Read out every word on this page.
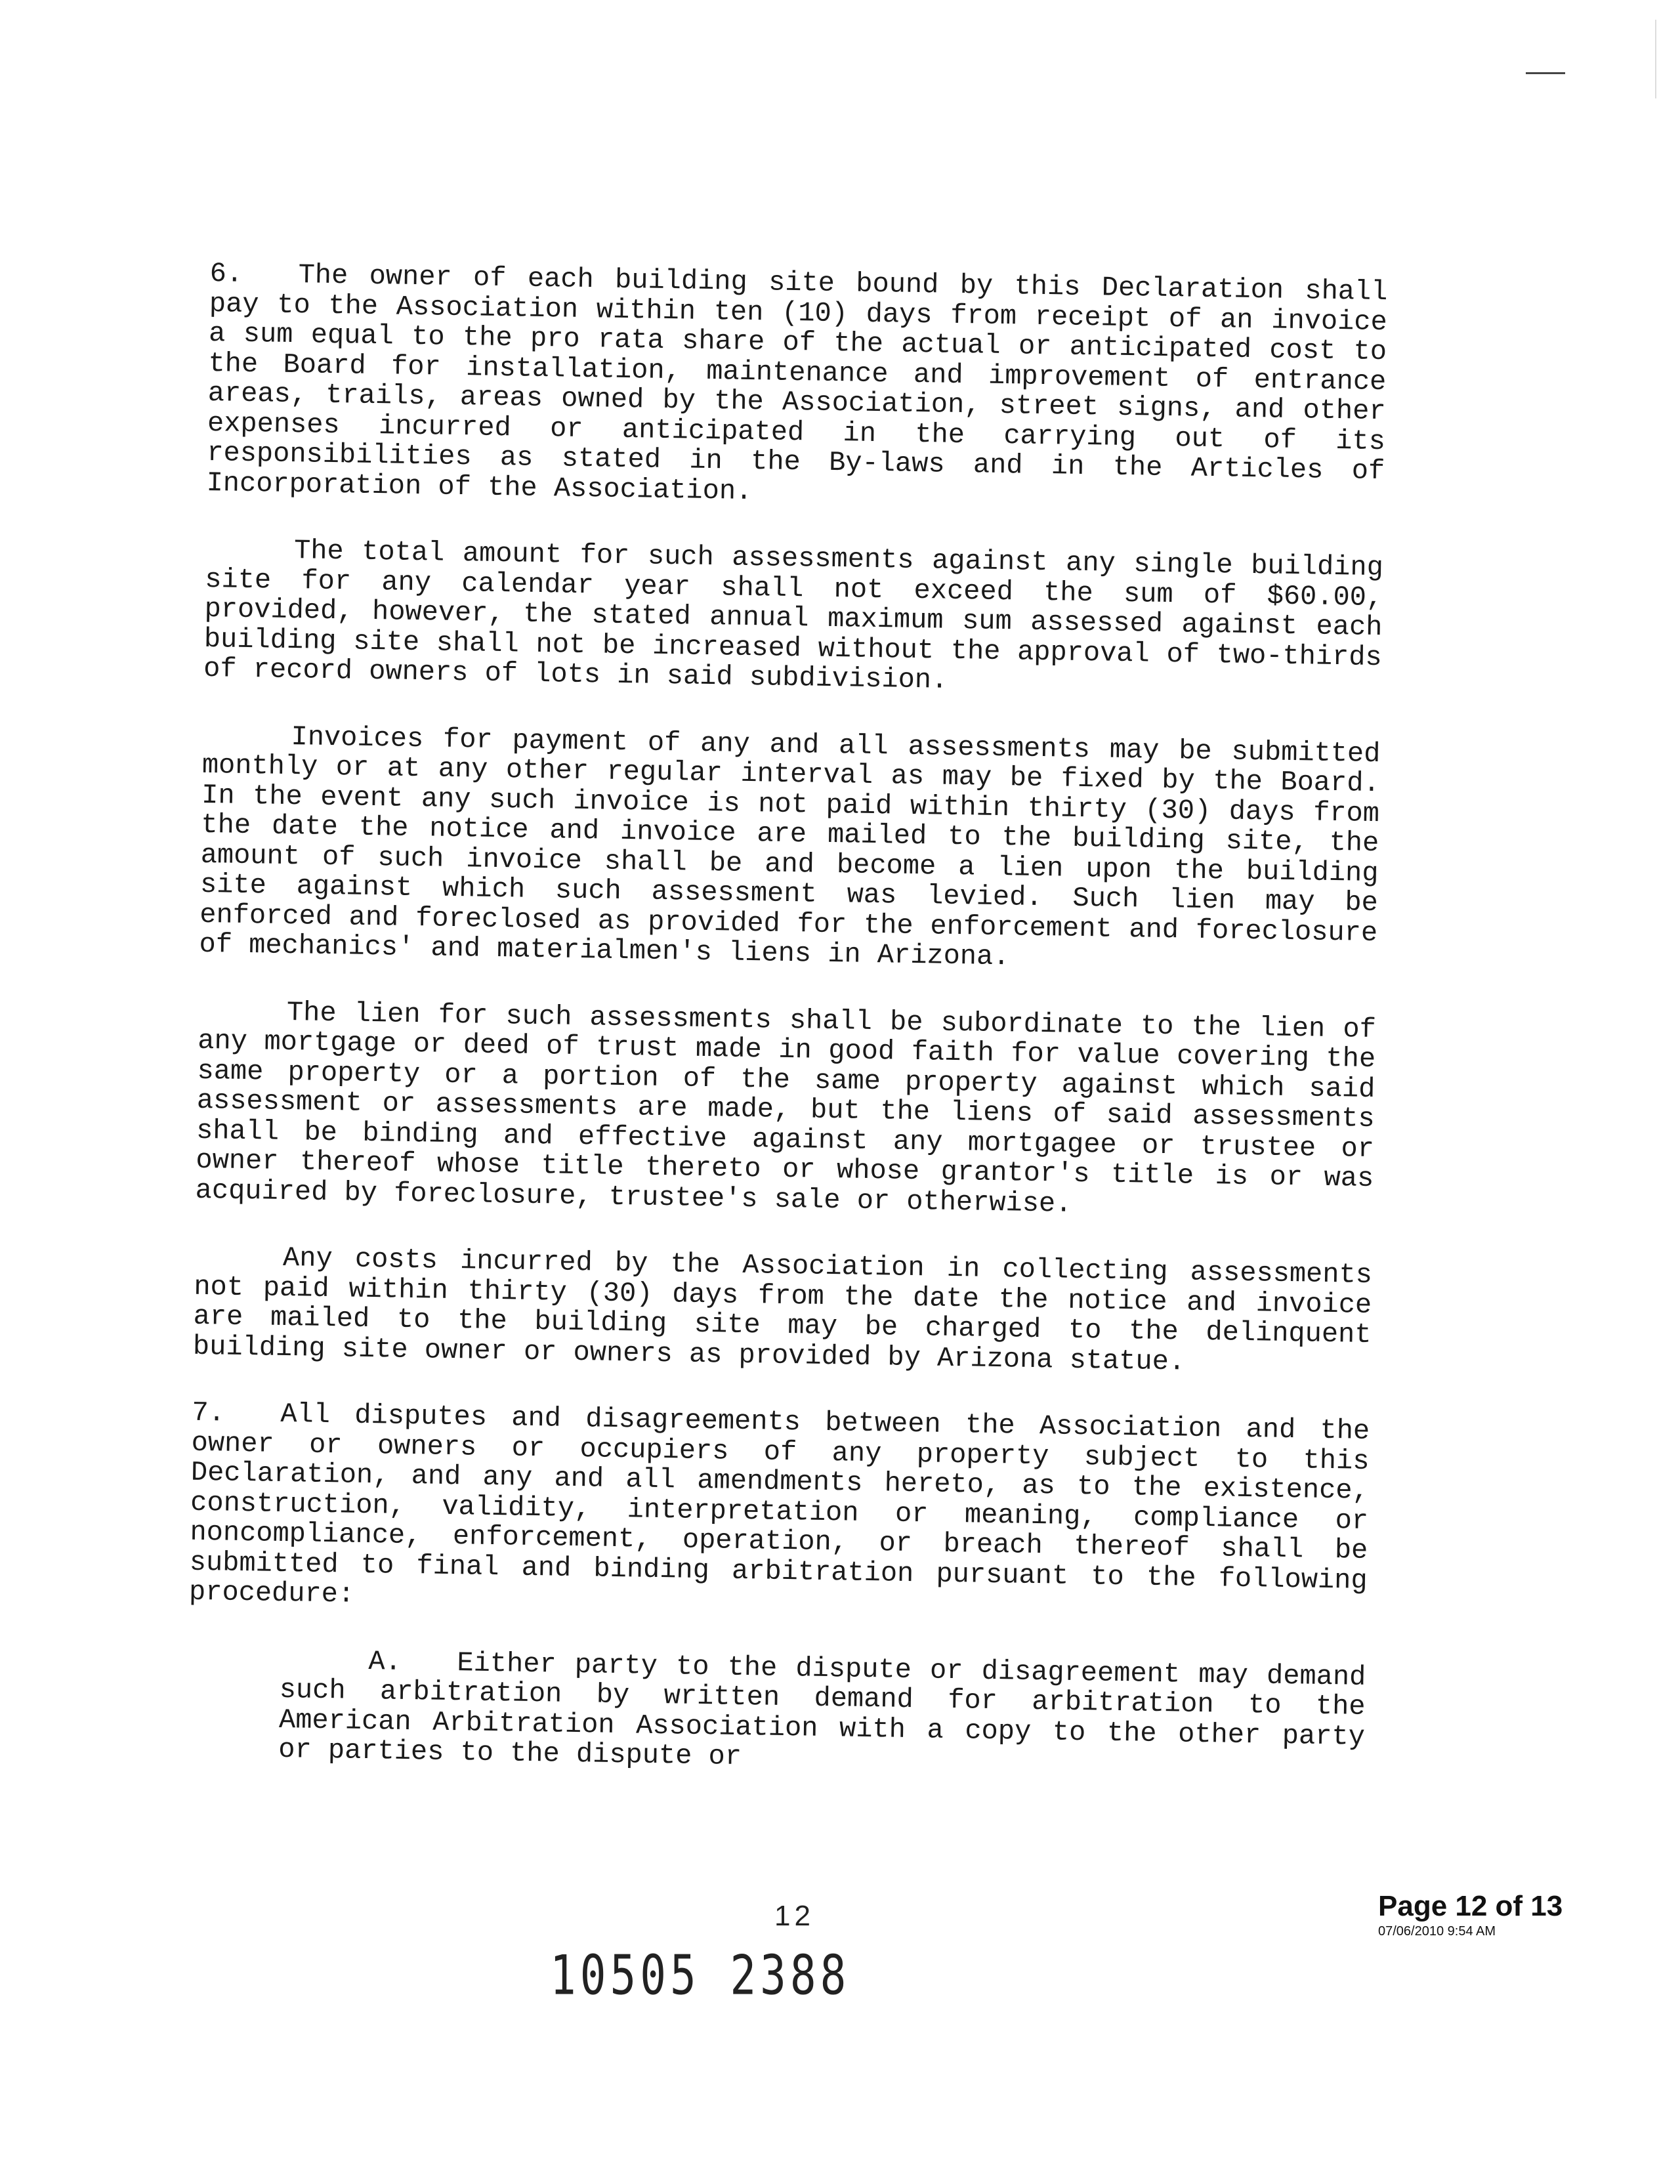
6. The owner of each building site bound by this Declaration shall pay to the Association within ten (10) days from receipt of an invoice a sum equal to the pro rata share of the actual or anticipated cost to the Board for installation, maintenance and improvement of entrance areas, trails, areas owned by the Association, street signs, and other expenses incurred or anticipated in the carrying out of its responsibilities as stated in the By-laws and in the Articles of Incorporation of the Association.

The total amount for such assessments against any single building site for any calendar year shall not exceed the sum of $60.00, provided, however, the stated annual maximum sum assessed against each building site shall not be increased without the approval of two-thirds of record owners of lots in said subdivision.

Invoices for payment of any and all assessments may be submitted monthly or at any other regular interval as may be fixed by the Board. In the event any such invoice is not paid within thirty (30) days from the date the notice and invoice are mailed to the building site, the amount of such invoice shall be and become a lien upon the building site against which such assessment was levied. Such lien may be enforced and foreclosed as provided for the enforcement and foreclosure of mechanics' and materialmen's liens in Arizona.

The lien for such assessments shall be subordinate to the lien of any mortgage or deed of trust made in good faith for value covering the same property or a portion of the same property against which said assessment or assessments are made, but the liens of said assessments shall be binding and effective against any mortgagee or trustee or owner thereof whose title thereto or whose grantor's title is or was acquired by foreclosure, trustee's sale or otherwise.

Any costs incurred by the Association in collecting assessments not paid within thirty (30) days from the date the notice and invoice are mailed to the building site may be charged to the delinquent building site owner or owners as provided by Arizona statue.

7. All disputes and disagreements between the Association and the owner or owners or occupiers of any property subject to this Declaration, and any and all amendments hereto, as to the existence, construction, validity, interpretation or meaning, compliance or noncompliance, enforcement, operation, or breach thereof shall be submitted to final and binding arbitration pursuant to the following procedure:

A. Either party to the dispute or disagreement may demand such arbitration by written demand for arbitration to the American Arbitration Association with a copy to the other party or parties to the dispute or

12
10505 2388
Page 12 of 13
07/06/2010 9:54 AM
